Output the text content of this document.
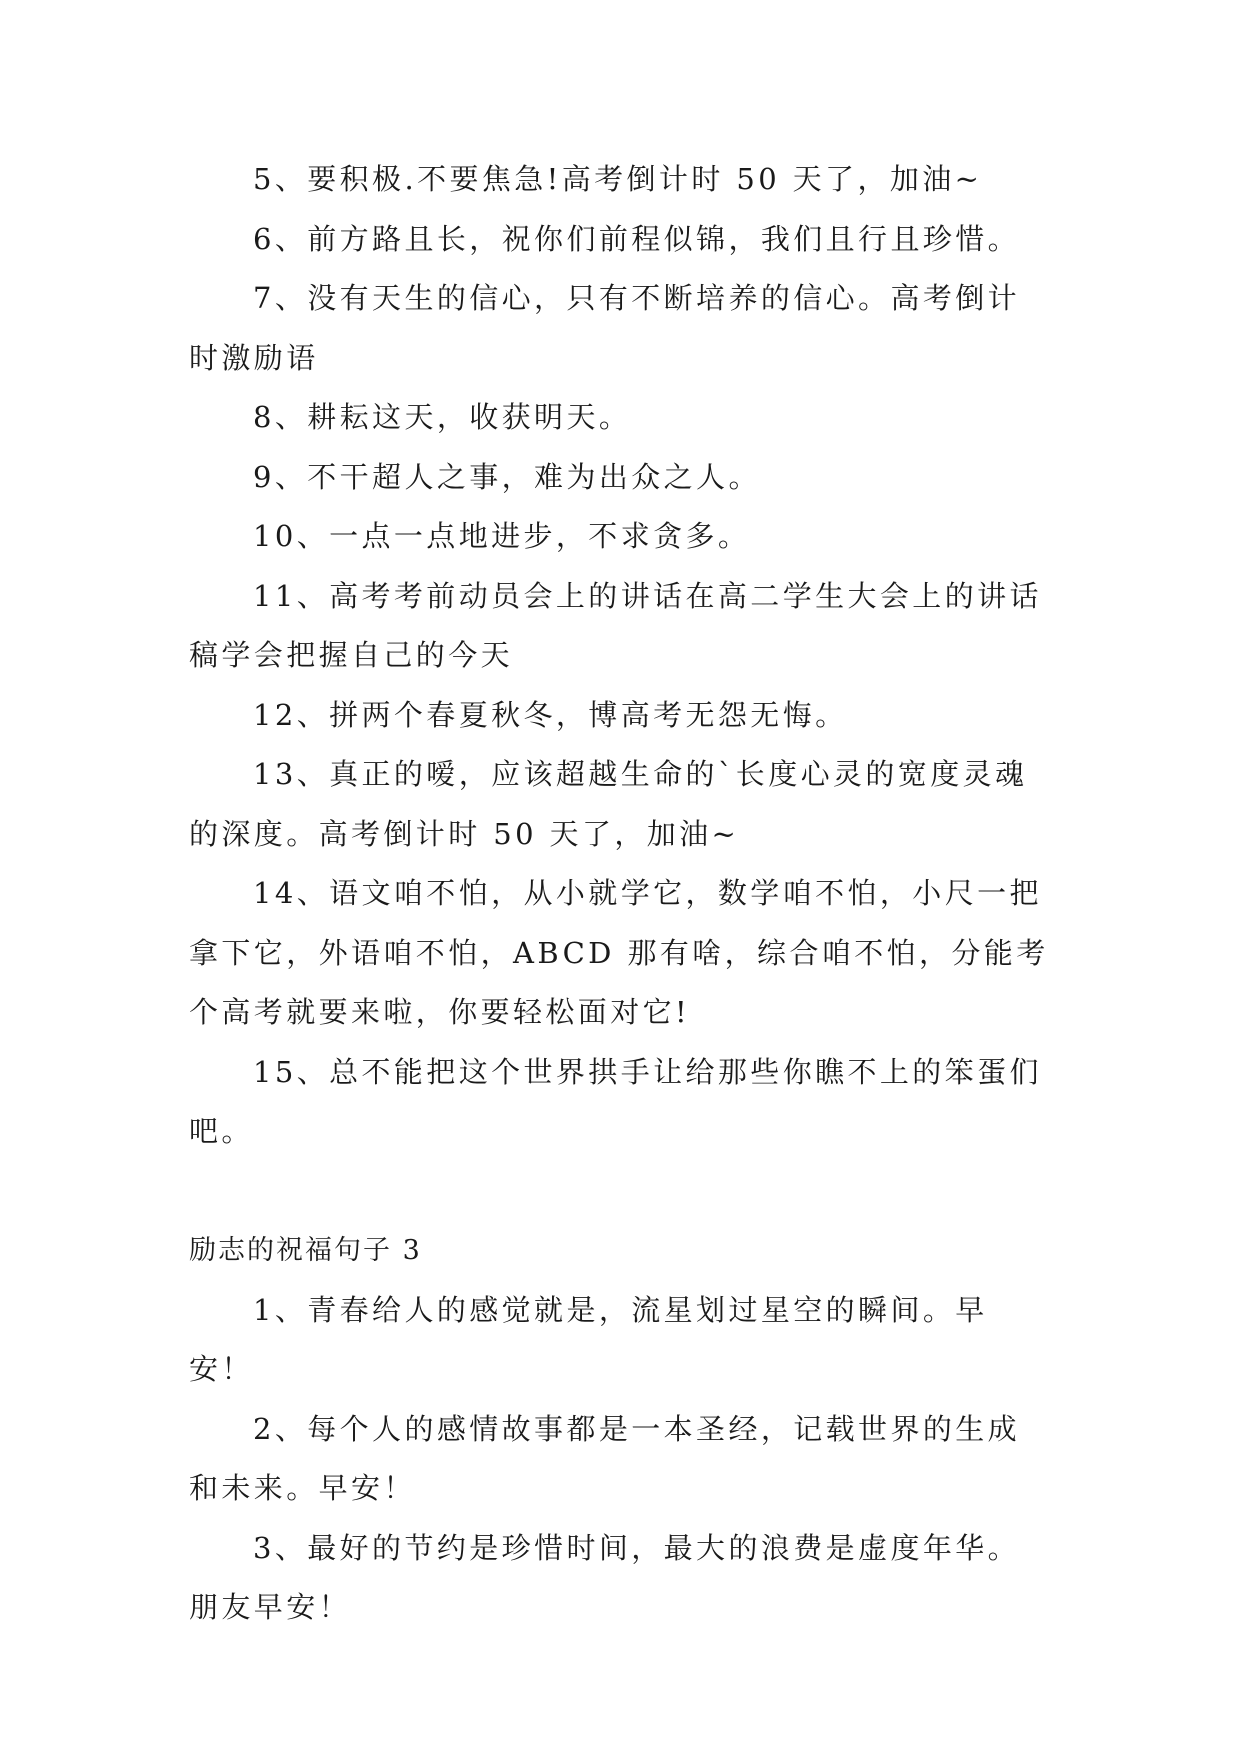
5、要积极.不要焦急!高考倒计时 50 天了，加油~

6、前方路且长，祝你们前程似锦，我们且行且珍惜。

7、没有天生的信心，只有不断培养的信心。高考倒计时激励语

8、耕耘这天，收获明天。

9、不干超人之事，难为出众之人。

10、一点一点地进步，不求贪多。

11、高考考前动员会上的讲话在高二学生大会上的讲话稿学会把握自己的今天

12、拼两个春夏秋冬，博高考无怨无悔。

13、真正的嗳，应该超越生命的`长度心灵的宽度灵魂的深度。高考倒计时 50 天了，加油~

14、语文咱不怕，从小就学它，数学咱不怕，小尺一把拿下它，外语咱不怕，ABCD 那有啥，综合咱不怕，分能考个高考就要来啦，你要轻松面对它!

15、总不能把这个世界拱手让给那些你瞧不上的笨蛋们吧。

励志的祝福句子 3

1、青春给人的感觉就是，流星划过星空的瞬间。早安！

2、每个人的感情故事都是一本圣经，记载世界的生成和未来。早安！

3、最好的节约是珍惜时间，最大的浪费是虚度年华。朋友早安！
